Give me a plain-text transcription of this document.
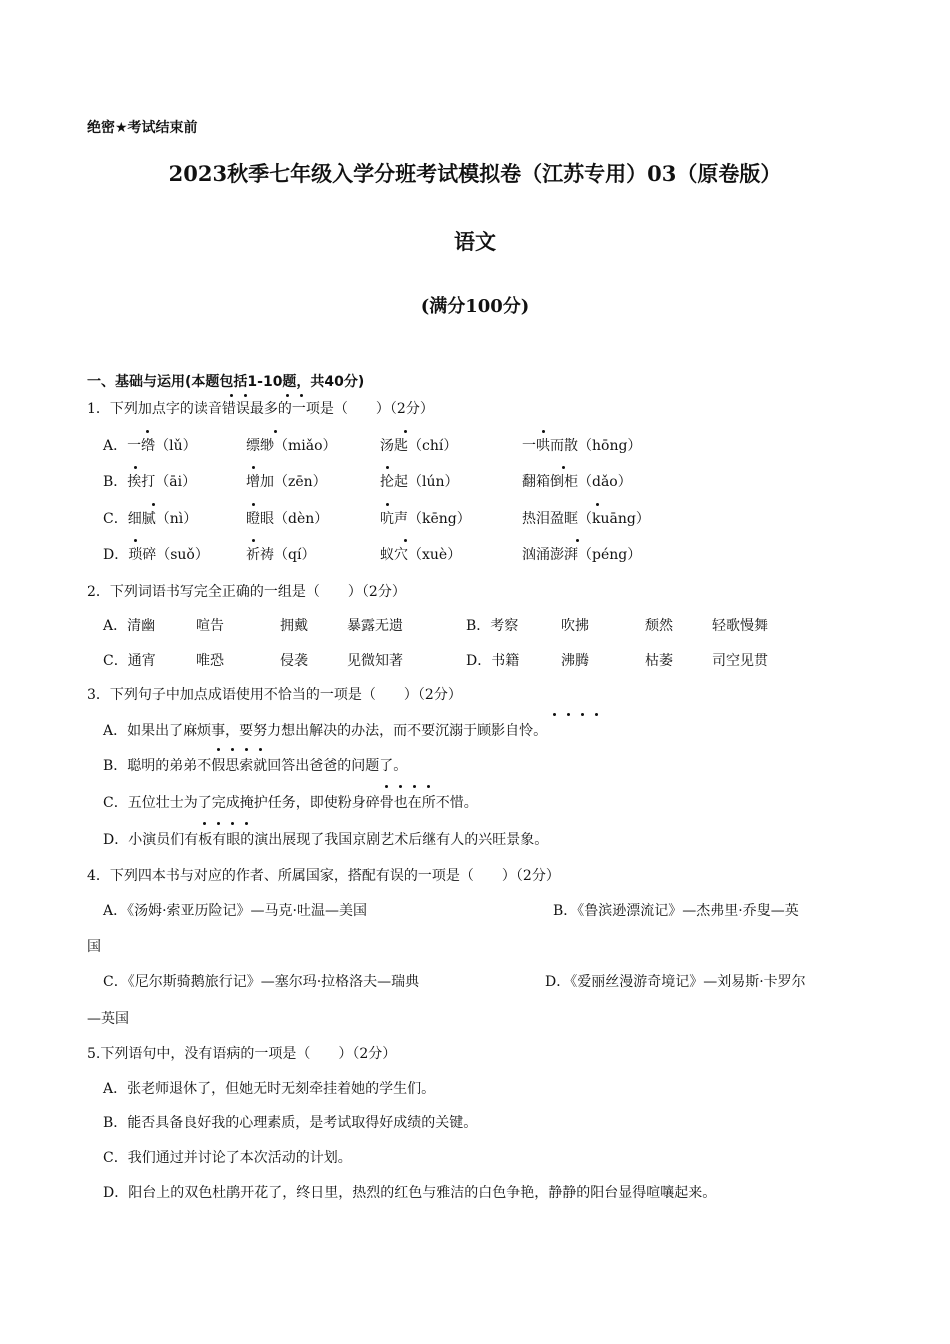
绝密★考试结束前
2023秋季七年级入学分班考试模拟卷（江苏专用）03（原卷版）
语文
(满分100分)
一、基础与运用(本题包括1-10题，共40分)
1．下列加点字的读音错误最多的一项是（　　）（2分）
A．一绺（lǔ）	缥缈（miǎo）	汤匙（chí）	一哄而散（hōng）
B．挨打（āi）	增加（zēn）	抡起（lún）	翻箱倒柜（dǎo）
C．细腻（nì）	瞪眼（dèn）	吭声（kēng）	热泪盈眶（kuāng）
D．琐碎（suǒ）	祈祷（qí）	蚁穴（xuè）	汹涌澎湃（péng）
2．下列词语书写完全正确的一组是（　　）（2分）
A．清幽	喧告	拥戴	暴露无遗	B．考察	吹拂	颓然	轻歌慢舞
C．通宵	唯恐	侵袭	见微知著	D．书籍	沸腾	枯萎	司空见贯
3．下列句子中加点成语使用不恰当的一项是（　　）（2分）
A．如果出了麻烦事，要努力想出解决的办法，而不要沉溺于顾影自怜。
B．聪明的弟弟不假思索就回答出爸爸的问题了。
C．五位壮士为了完成掩护任务，即使粉身碎骨也在所不惜。
D．小演员们有板有眼的演出展现了我国京剧艺术后继有人的兴旺景象。
4．下列四本书与对应的作者、所属国家，搭配有误的一项是（　　）（2分）
A．《汤姆·索亚历险记》—马克·吐温—美国	B．《鲁滨逊漂流记》—杰弗里·乔叟—英
国
C．《尼尔斯骑鹅旅行记》—塞尔玛·拉格洛夫—瑞典	D．《爱丽丝漫游奇境记》—刘易斯·卡罗尔
—英国
5.下列语句中，没有语病的一项是（　　）（2分）
A．张老师退休了，但她无时无刻牵挂着她的学生们。
B．能否具备良好我的心理素质，是考试取得好成绩的关键。
C．我们通过并讨论了本次活动的计划。
D．阳台上的双色杜鹃开花了，终日里，热烈的红色与雅洁的白色争艳，静静的阳台显得喧嚷起来。
